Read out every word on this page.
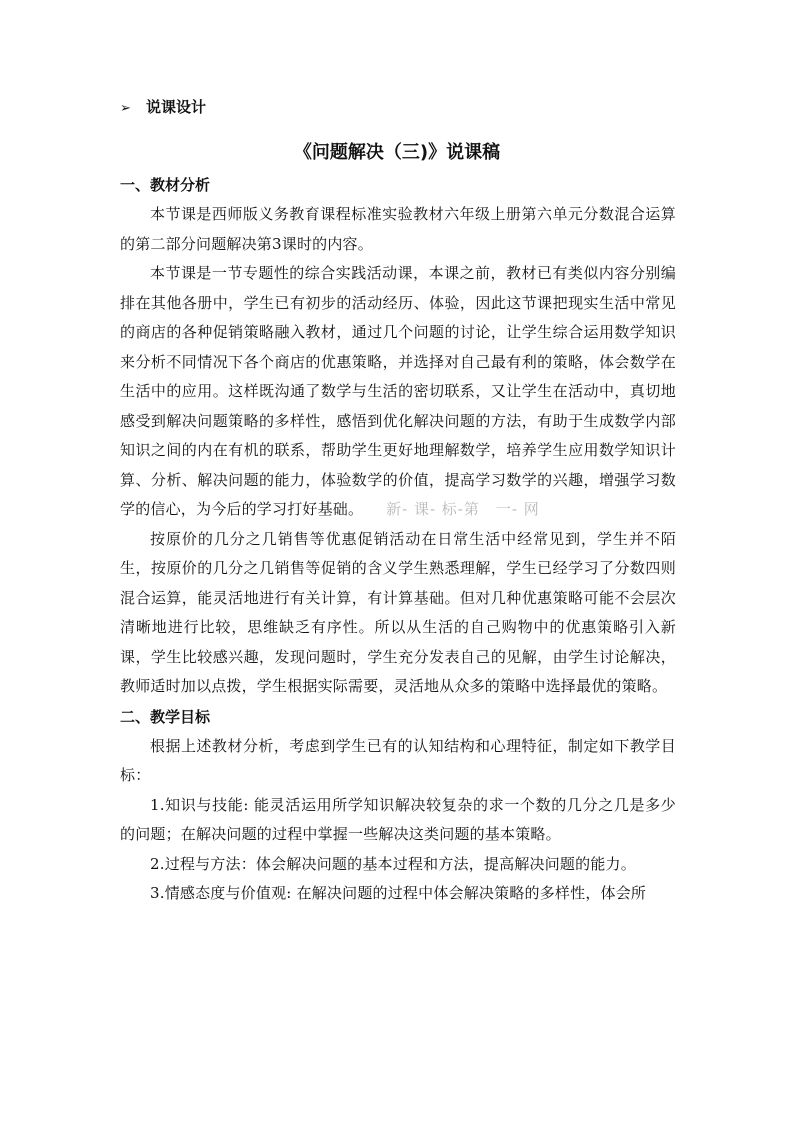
➢ 说课设计
《问题解决（三)》说课稿

一、教材分析

本节课是西师版义务教育课程标准实验教材六年级上册第六单元分数混合运算的第二部分问题解决第3课时的内容。

本节课是一节专题性的综合实践活动课，本课之前，教材已有类似内容分别编排在其他各册中，学生已有初步的活动经历、体验，因此这节课把现实生活中常见的商店的各种促销策略融入教材，通过几个问题的讨论，让学生综合运用数学知识来分析不同情况下各个商店的优惠策略，并选择对自己最有利的策略，体会数学在生活中的应用。这样既沟通了数学与生活的密切联系，又让学生在活动中，真切地感受到解决问题策略的多样性，感悟到优化解决问题的方法，有助于生成数学内部知识之间的内在有机的联系，帮助学生更好地理解数学，培养学生应用数学知识计算、分析、解决问题的能力，体验数学的价值，提高学习数学的兴趣，增强学习数学的信心，为今后的学习打好基础。　　 新- 课- 标-第　一- 网

按原价的几分之几销售等优惠促销活动在日常生活中经常见到，学生并不陌生，按原价的几分之几销售等促销的含义学生熟悉理解，学生已经学习了分数四则混合运算，能灵活地进行有关计算，有计算基础。但对几种优惠策略可能不会层次清晰地进行比较，思维缺乏有序性。所以从生活的自己购物中的优惠策略引入新课，学生比较感兴趣，发现问题时，学生充分发表自己的见解，由学生讨论解决，教师适时加以点拨，学生根据实际需要，灵活地从众多的策略中选择最优的策略。

二、教学目标

根据上述教材分析，考虑到学生已有的认知结构和心理特征，制定如下教学目标：

1.知识与技能: 能灵活运用所学知识解决较复杂的求一个数的几分之几是多少的问题；在解决问题的过程中掌握一些解决这类问题的基本策略。

2.过程与方法：体会解决问题的基本过程和方法，提高解决问题的能力。

3.情感态度与价值观: 在解决问题的过程中体会解决策略的多样性，体会所
